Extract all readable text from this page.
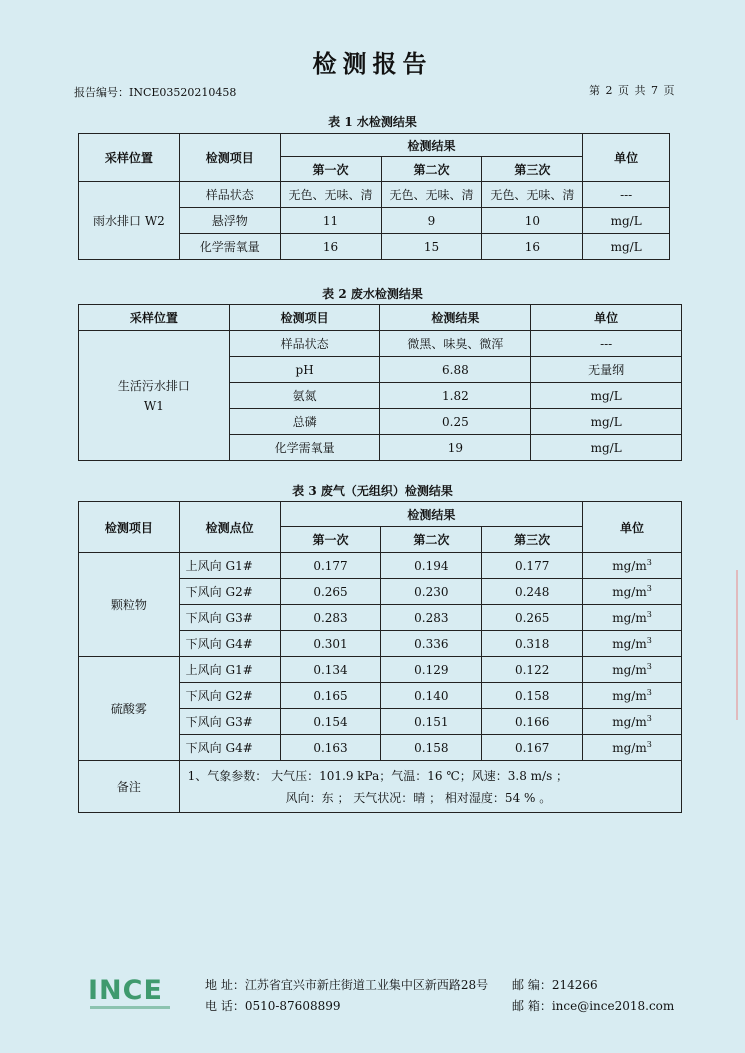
检测报告
报告编号：INCE03520210458	第 2 页 共 7 页
表 1 水检测结果
采样位置	检测项目	检测结果			单位
		第一次	第二次	第三次	
雨水排口 W2	样品状态	无色、无味、清	无色、无味、清	无色、无味、清	---
	悬浮物	11	9	10	mg/L
	化学需氧量	16	15	16	mg/L
表 2 废水检测结果
采样位置	检测项目	检测结果	单位
生活污水排口
W1	样品状态	微黑、味臭、微浑	---
	pH	6.88	无量纲
	氨氮	1.82	mg/L
	总磷	0.25	mg/L
	化学需氧量	19	mg/L
表 3 废气（无组织）检测结果
检测项目	检测点位	检测结果			单位
		第一次	第二次	第三次	
颗粒物	上风向 G1#	0.177	0.194	0.177	$mg/m^3$
	下风向 G2#	0.265	0.230	0.248	$mg/m^3$
	下风向 G3#	0.283	0.283	0.265	$mg/m^3$
	下风向 G4#	0.301	0.336	0.318	$mg/m^3$
硫酸雾	上风向 G1#	0.134	0.129	0.122	$mg/m^3$
	下风向 G2#	0.165	0.140	0.158	$mg/m^3$
	下风向 G3#	0.154	0.151	0.166	$mg/m^3$
	下风向 G4#	0.163	0.158	0.167	$mg/m^3$
备注	1、气象参数： 大气压：101.9 kPa；气温：16 ℃；风速：3.8 m/s ；
风向：东 ； 天气状况：晴 ； 相对湿度：54 % 。				
INCE	地 址：江苏省宜兴市新庄街道工业集中区新西路28号	邮 编：214266
电 话：0510-87608899	邮 箱：ince@ince2018.com
